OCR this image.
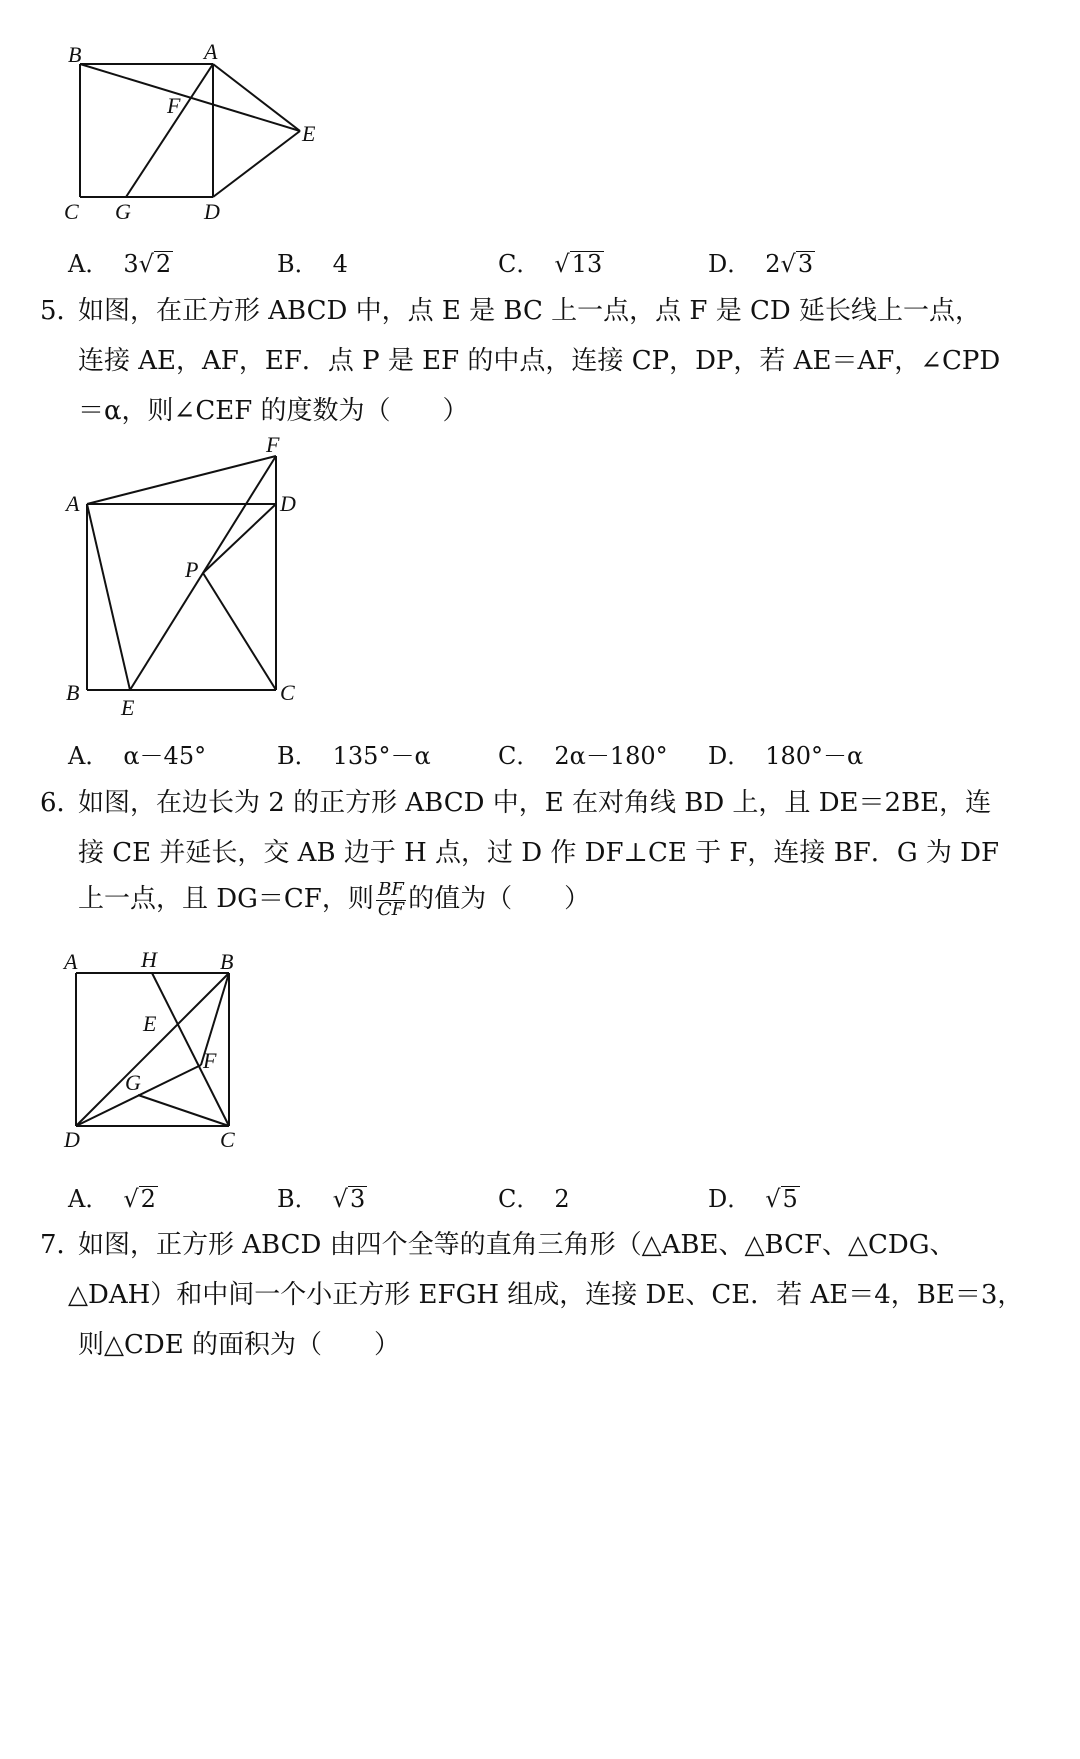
B	A
F
E
C G	D
A． 3√2	B． 4	C． √13	D． 2√3
5．如图，在正方形 ABCD 中，点 E 是 BC 上一点，点 F 是 CD 延长线上一点，
连接 AE，AF，EF．点 P 是 EF 的中点，连接 CP，DP，若 AE＝AF，∠CPD
＝α，则∠CEF 的度数为（　　）
F
A	D
P
B
E
C
A． α－45°	B． 135°－α	C． 2α－180° D． 180°－α
6．如图，在边长为 2 的正方形 ABCD 中，E 在对角线 BD 上，且 DE＝2BE，连
接 CE 并延长，交 AB 边于 H 点，过 D 作 DF⊥CE 于 F，连接 BF．G 为 DF
上一点，且 DG＝CF，则 $\frac{BF}{CF}$ 的值为（　　）
A	H	B
E
F
G
D	C
A． √2	B． √3	C． 2	D． √5
7．如图，正方形 ABCD 由四个全等的直角三角形（△ABE、△BCF、△CDG、
△DAH）和中间一个小正方形 EFGH 组成，连接 DE、CE．若 AE＝4，BE＝3，
则△CDE 的面积为（　　）
